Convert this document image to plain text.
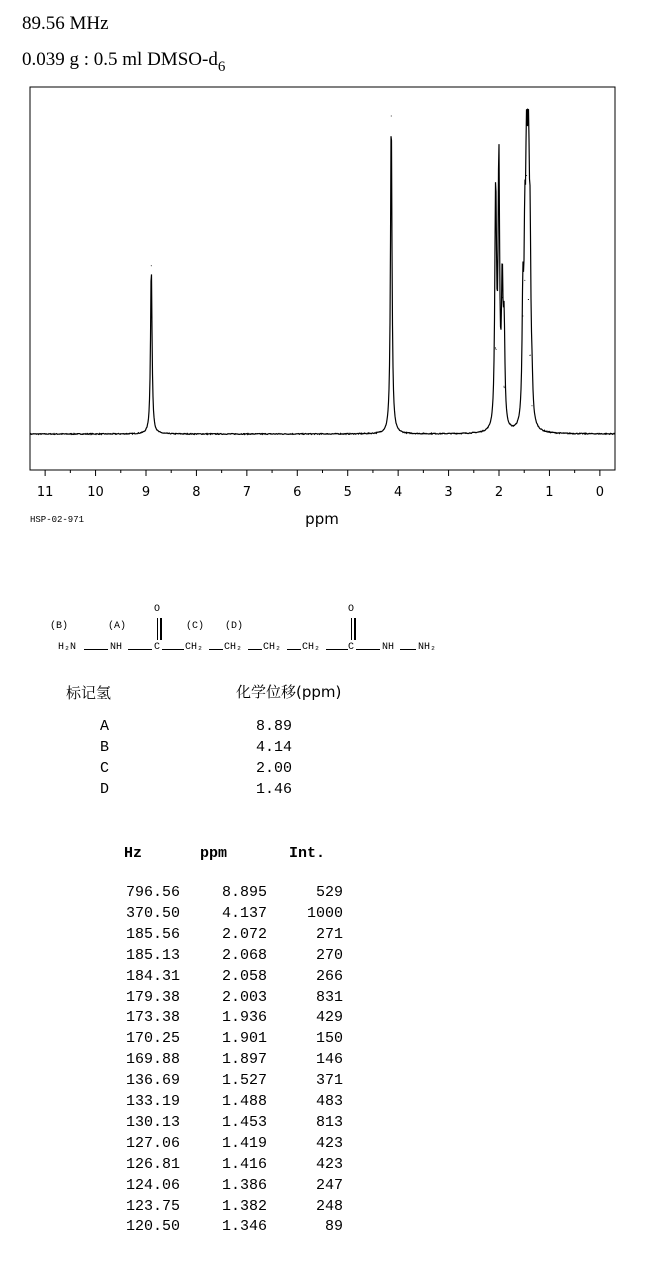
89.56 MHz
0.039 g : 0.5 ml DMSO-$d_6$
11	10	9	8	7	6	5	4	3	2	1	0
ppm
HSP-02-971
(B)	(A)	(C) (D)
O	O
H₂N	NH	C CH₂ CH₂ CH₂ CH₂	C	NH NH₂
标记氢	化学位移(ppm)
A	8.89
B	4.14
C	2.00
D	1.46
Hz	ppm	Int.
796.56	8.895	529
370.50	4.137	1000
185.56	2.072	271
185.13	2.068	270
184.31	2.058	266
179.38	2.003	831
173.38	1.936	429
170.25	1.901	150
169.88	1.897	146
136.69	1.527	371
133.19	1.488	483
130.13	1.453	813
127.06	1.419	423
126.81	1.416	423
124.06	1.386	247
123.75	1.382	248
120.50	1.346	89
